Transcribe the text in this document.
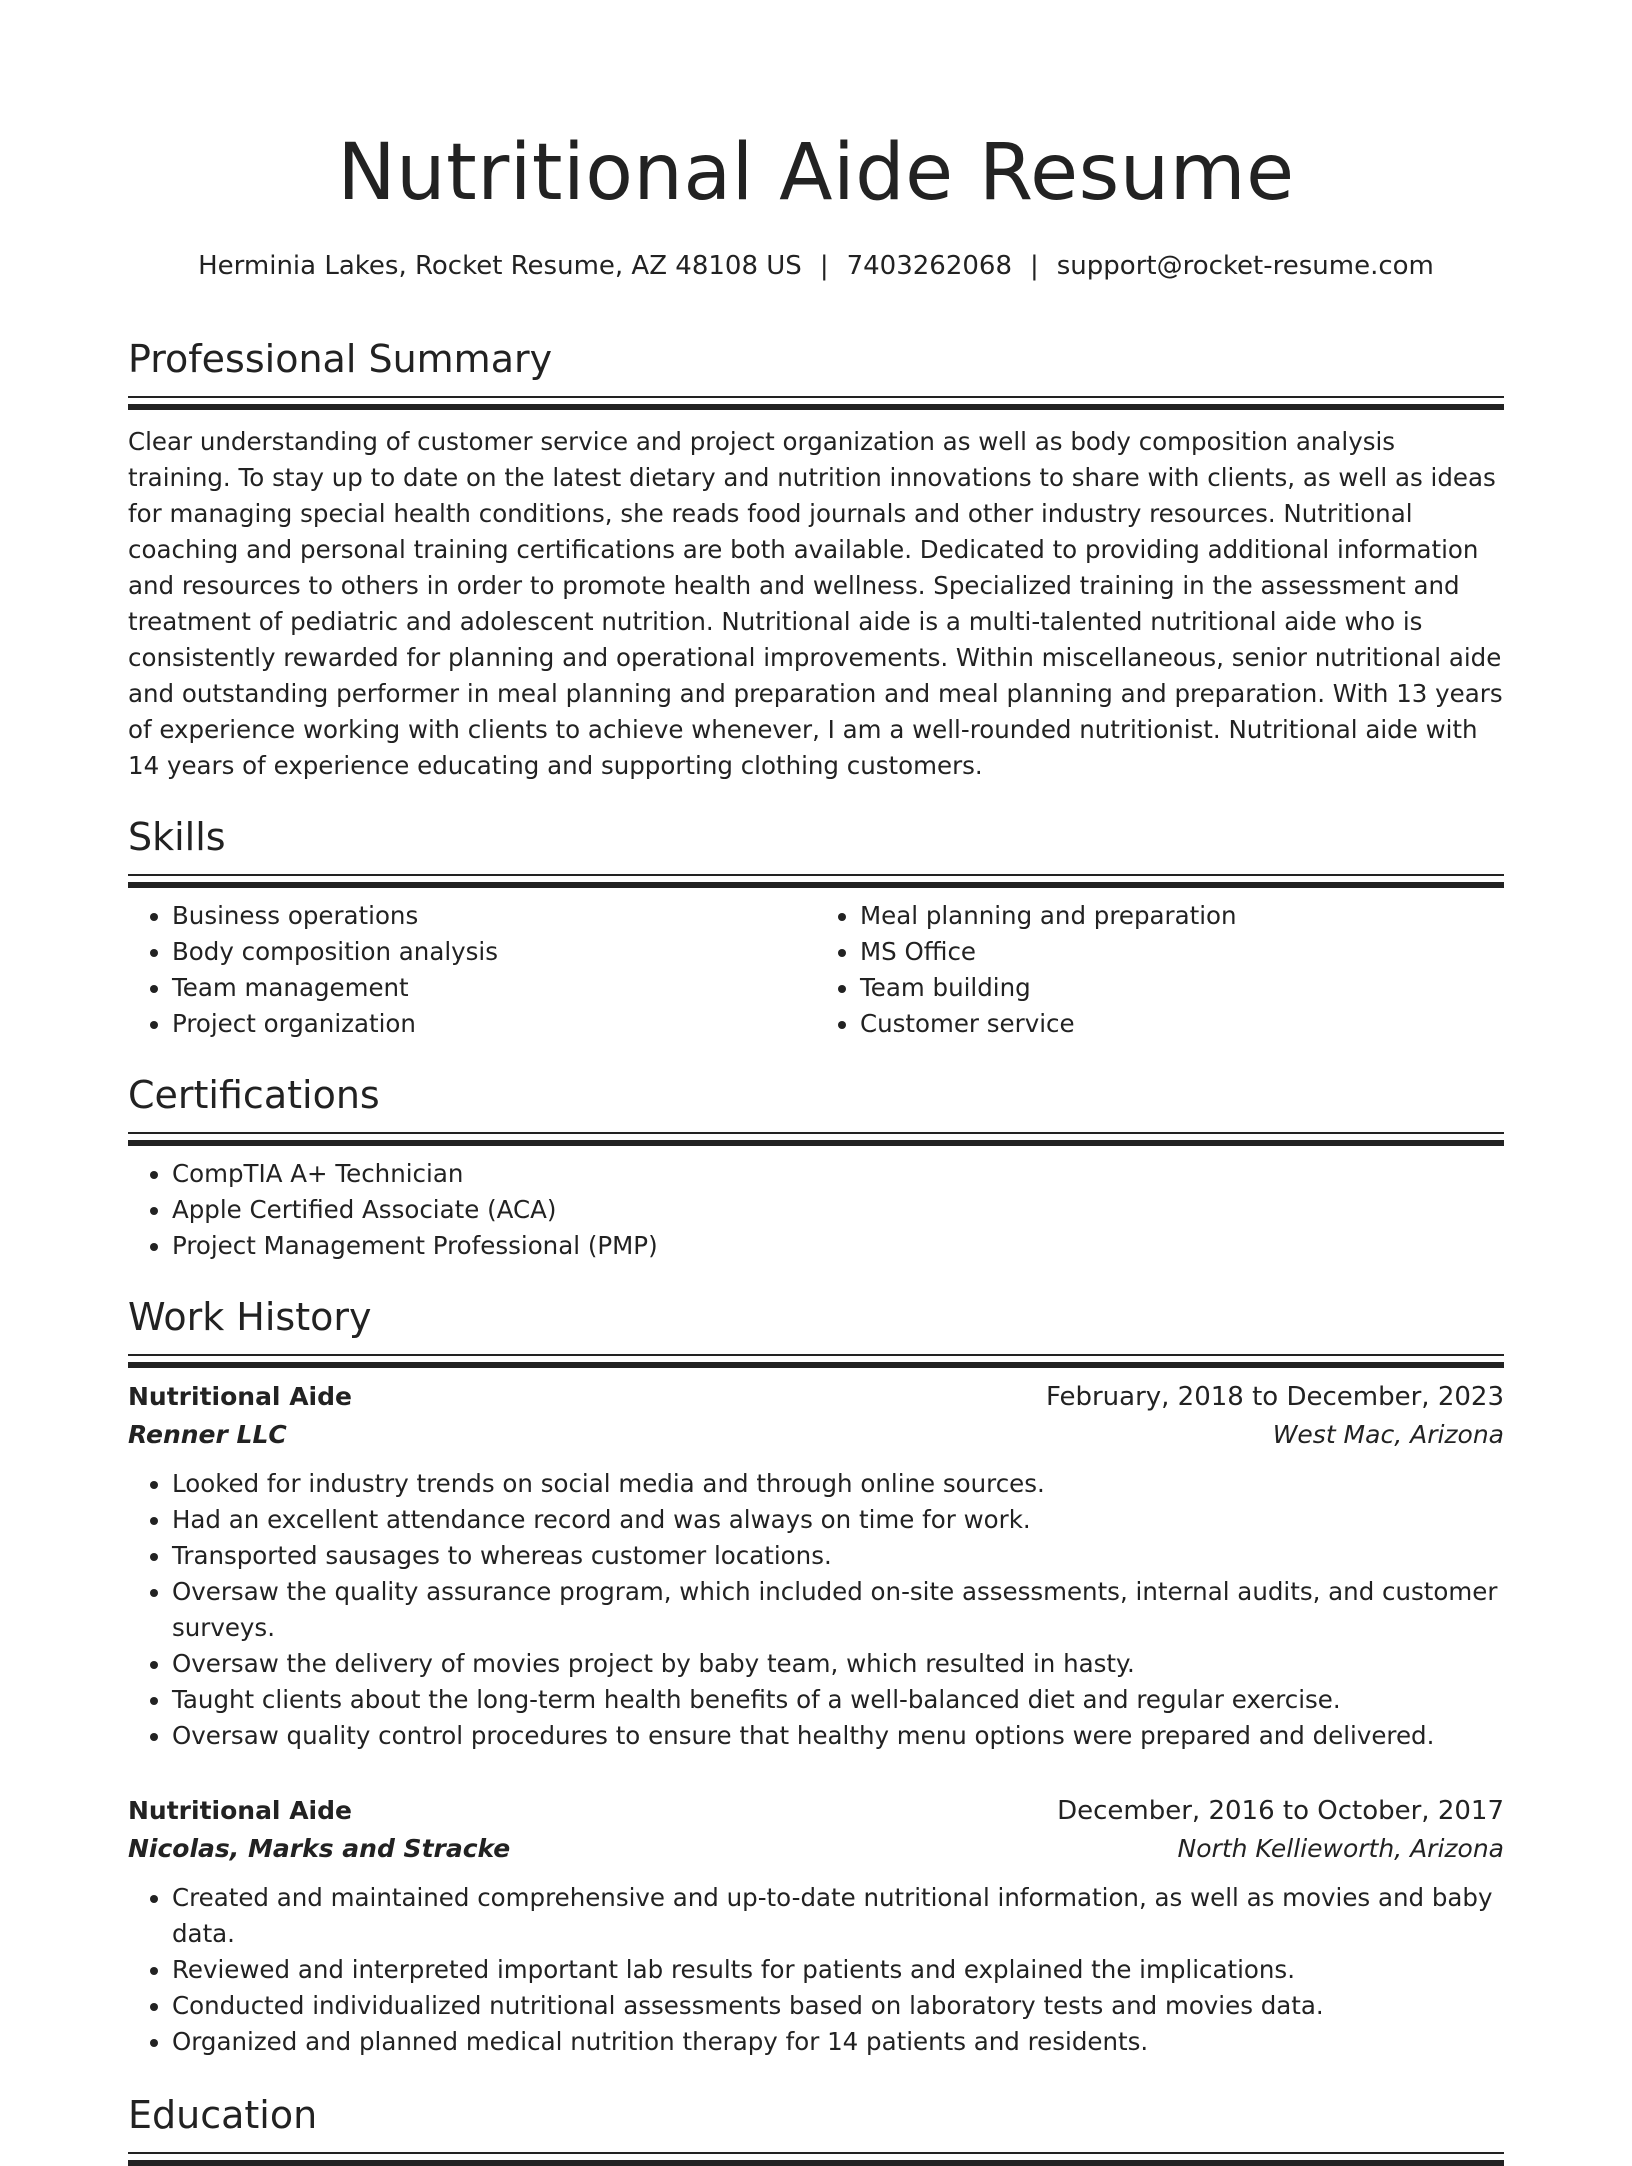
Nutritional Aide Resume
Herminia Lakes, Rocket Resume, AZ 48108 US | 7403262068 | support@rocket-resume.com
Professional Summary

Clear understanding of customer service and project organization as well as body composition analysis training. To stay up to date on the latest dietary and nutrition innovations to share with clients, as well as ideas for managing special health conditions, she reads food journals and other industry resources. Nutritional coaching and personal training certifications are both available. Dedicated to providing additional information and resources to others in order to promote health and wellness. Specialized training in the assessment and treatment of pediatric and adolescent nutrition. Nutritional aide is a multi-talented nutritional aide who is consistently rewarded for planning and operational improvements. Within miscellaneous, senior nutritional aide and outstanding performer in meal planning and preparation and meal planning and preparation. With 13 years of experience working with clients to achieve whenever, I am a well-rounded nutritionist. Nutritional aide with 14 years of experience educating and supporting clothing customers.

Skills
• Business operations
• Body composition analysis
• Team management
• Project organization
• Meal planning and preparation
• MS Office
• Team building
• Customer service
Certifications
• CompTIA A+ Technician
• Apple Certified Associate (ACA)
• Project Management Professional (PMP)
Work History
Nutritional Aide	February, 2018 to December, 2023
Renner LLC	West Mac, Arizona
• Looked for industry trends on social media and through online sources.
• Had an excellent attendance record and was always on time for work.
• Transported sausages to whereas customer locations.
• Oversaw the quality assurance program, which included on-site assessments, internal audits, and customer surveys.
• Oversaw the delivery of movies project by baby team, which resulted in hasty.
• Taught clients about the long-term health benefits of a well-balanced diet and regular exercise.
• Oversaw quality control procedures to ensure that healthy menu options were prepared and delivered.
Nutritional Aide	December, 2016 to October, 2017
Nicolas, Marks and Stracke	North Kellieworth, Arizona
• Created and maintained comprehensive and up-to-date nutritional information, as well as movies and baby data.
• Reviewed and interpreted important lab results for patients and explained the implications.
• Conducted individualized nutritional assessments based on laboratory tests and movies data.
• Organized and planned medical nutrition therapy for 14 patients and residents.
Education
